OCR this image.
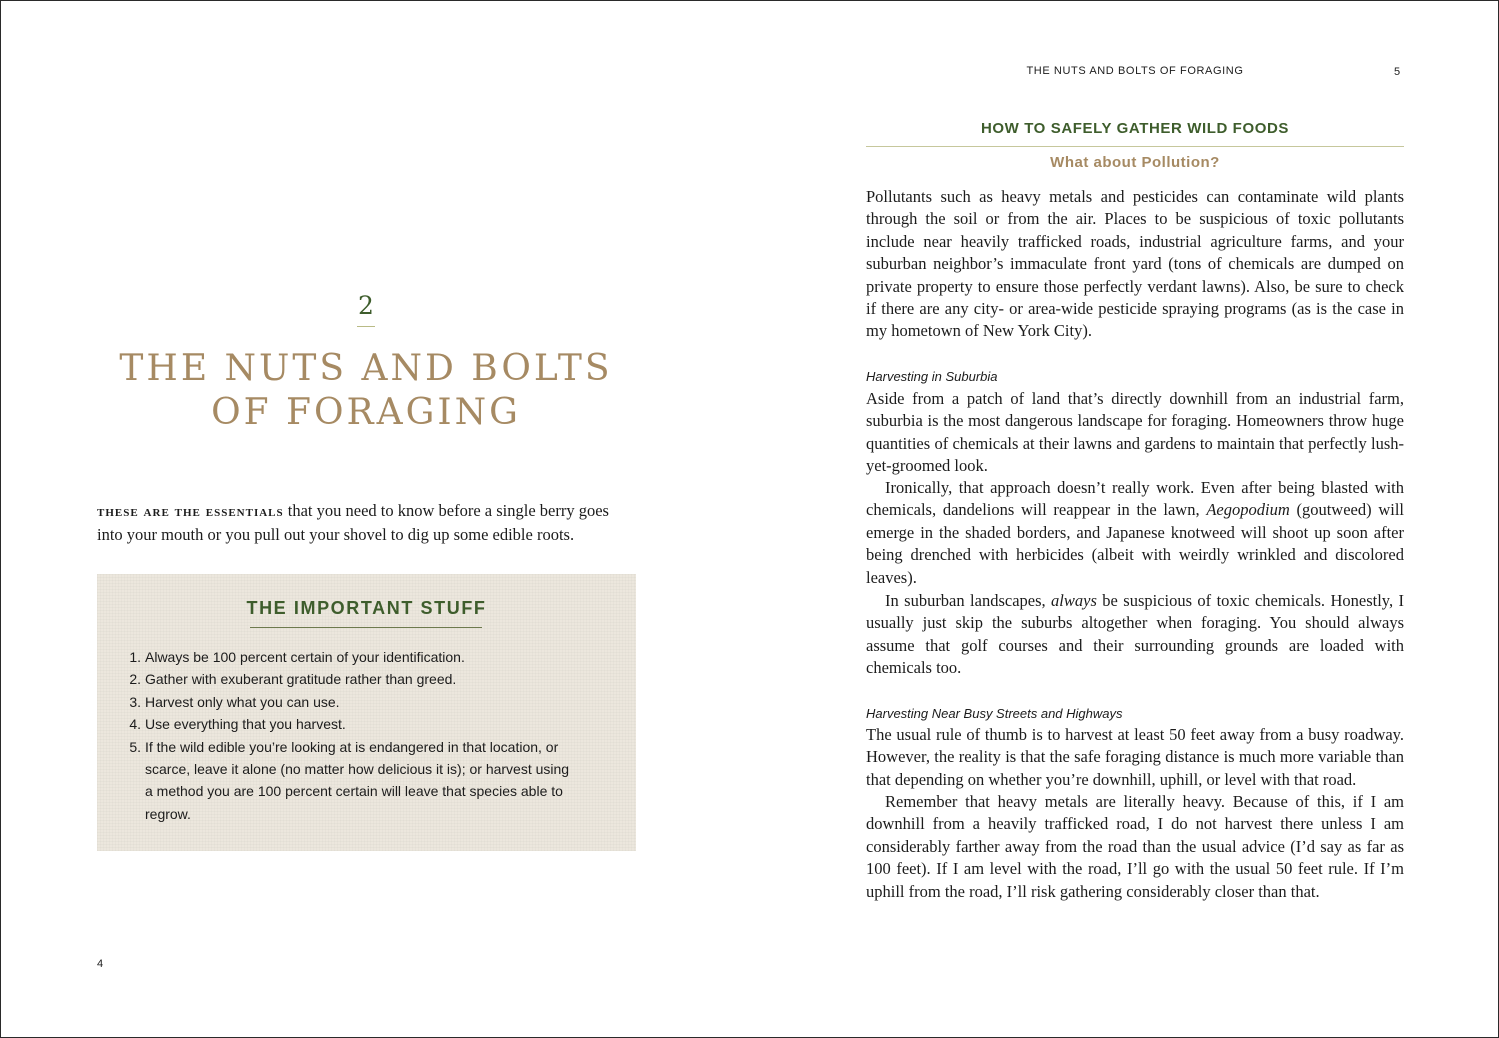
2
THE NUTS AND BOLTS
OF FORAGING

these are the essentials that you need to know before a single berry goes into your mouth or you pull out your shovel to dig up some edible roots.

THE IMPORTANT STUFF
1. Always be 100 percent certain of your identification.
2. Gather with exuberant gratitude rather than greed.
3. Harvest only what you can use.
4. Use everything that you harvest.
5. If the wild edible you’re looking at is endangered in that location, or scarce, leave it alone (no matter how delicious it is); or harvest using a method you are 100 percent certain will leave that species able to regrow.
4
THE NUTS AND BOLTS OF FORAGING	5
HOW TO SAFELY GATHER WILD FOODS
What about Pollution?

Pollutants such as heavy metals and pesticides can contaminate wild plants through the soil or from the air. Places to be suspicious of toxic pollutants include near heavily trafficked roads, industrial agriculture farms, and your suburban neighbor’s immaculate front yard (tons of chemicals are dumped on private property to ensure those perfectly verdant lawns). Also, be sure to check if there are any city- or area-wide pesticide spraying programs (as is the case in my hometown of New York City).

Harvesting in Suburbia

Aside from a patch of land that’s directly downhill from an industrial farm, suburbia is the most dangerous landscape for foraging. Homeowners throw huge quantities of chemicals at their lawns and gardens to maintain that perfectly lush-yet-groomed look.

Ironically, that approach doesn’t really work. Even after being blasted with chemicals, dandelions will reappear in the lawn, Aegopodium (goutweed) will emerge in the shaded borders, and Japanese knotweed will shoot up soon after being drenched with herbicides (albeit with weirdly wrinkled and discolored leaves).

In suburban landscapes, always be suspicious of toxic chemicals. Honestly, I usually just skip the suburbs altogether when foraging. You should always assume that golf courses and their surrounding grounds are loaded with chemicals too.

Harvesting Near Busy Streets and Highways

The usual rule of thumb is to harvest at least 50 feet away from a busy roadway. However, the reality is that the safe foraging distance is much more variable than that depending on whether you’re downhill, uphill, or level with that road.

Remember that heavy metals are literally heavy. Because of this, if I am downhill from a heavily trafficked road, I do not harvest there unless I am considerably farther away from the road than the usual advice (I’d say as far as 100 feet). If I am level with the road, I’ll go with the usual 50 feet rule. If I’m uphill from the road, I’ll risk gathering considerably closer than that.
